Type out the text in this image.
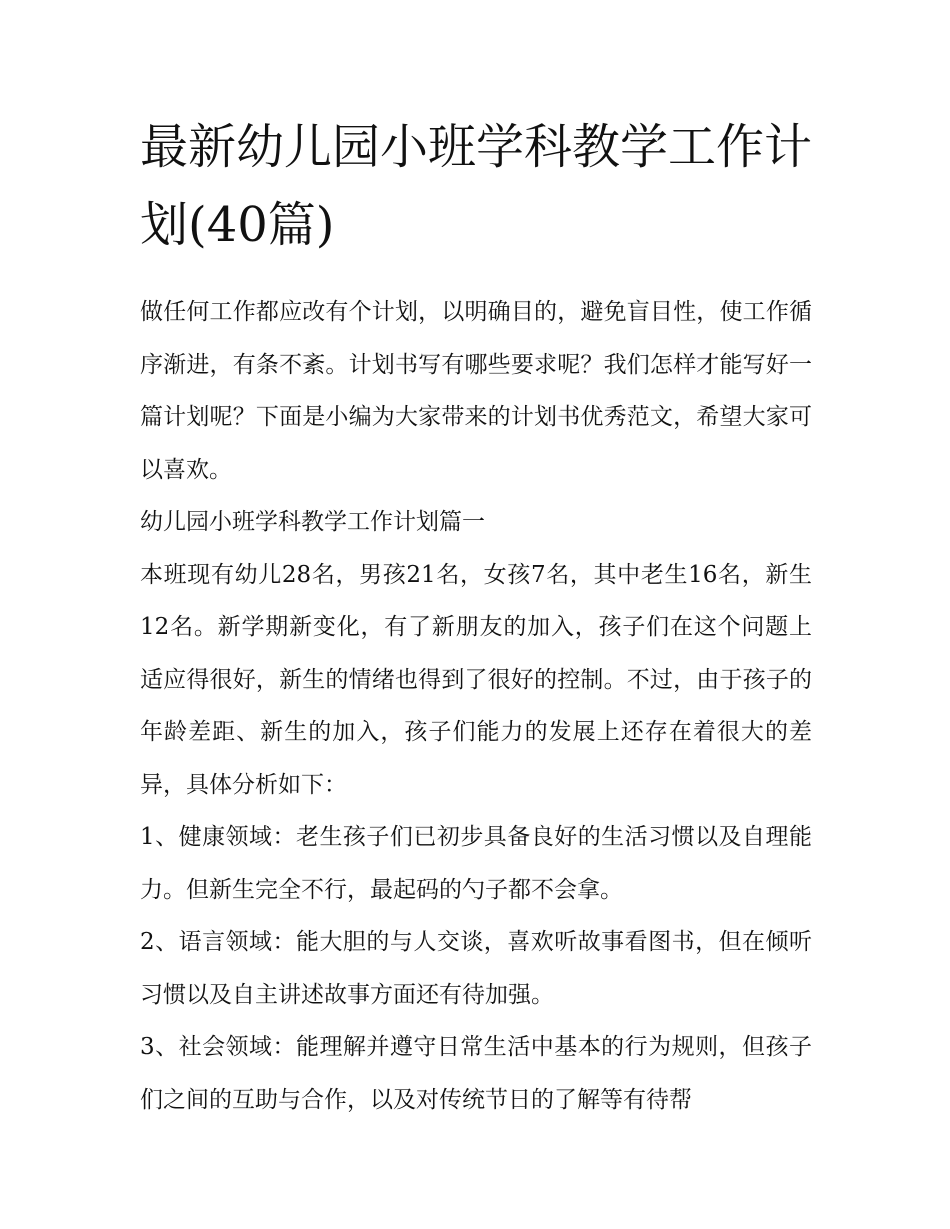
最新幼儿园小班学科教学工作计划(40篇)

做任何工作都应改有个计划，以明确目的，避免盲目性，使工作循序渐进，有条不紊。计划书写有哪些要求呢？我们怎样才能写好一篇计划呢？下面是小编为大家带来的计划书优秀范文，希望大家可以喜欢。

幼儿园小班学科教学工作计划篇一

本班现有幼儿28名，男孩21名，女孩7名，其中老生16名，新生12名。新学期新变化，有了新朋友的加入，孩子们在这个问题上适应得很好，新生的情绪也得到了很好的控制。不过，由于孩子的年龄差距、新生的加入，孩子们能力的发展上还存在着很大的差异，具体分析如下：

1、健康领域：老生孩子们已初步具备良好的生活习惯以及自理能力。但新生完全不行，最起码的勺子都不会拿。

2、语言领域：能大胆的与人交谈，喜欢听故事看图书，但在倾听习惯以及自主讲述故事方面还有待加强。

3、社会领域：能理解并遵守日常生活中基本的行为规则，但孩子们之间的互助与合作，以及对传统节日的了解等有待帮
